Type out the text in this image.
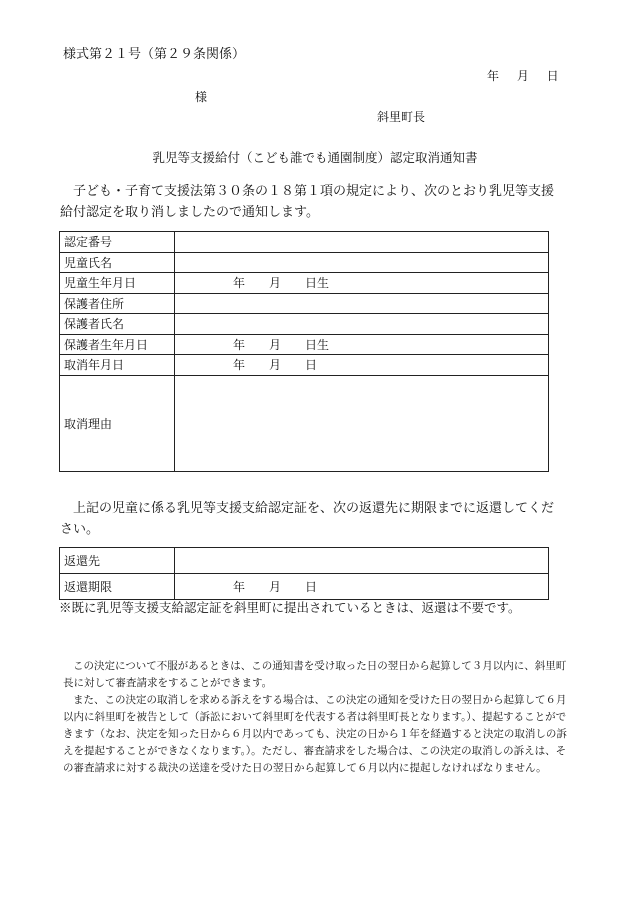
様式第２１号（第２９条関係）
年 月 日
様
斜里町長
乳児等支援給付（こども誰でも通園制度）認定取消通知書
子ども・子育て支援法第３０条の１８第１項の規定により、次のとおり乳児等支援給付認定を取り消しましたので通知します。
認定番号	
児童氏名	
児童生年月日	年 月 日生
保護者住所	
保護者氏名	
保護者生年月日	年 月 日生
取消年月日	年 月 日
取消理由	
上記の児童に係る乳児等支援支給認定証を、次の返還先に期限までに返還してください。
返還先	
返還期限	年 月 日
※既に乳児等支援支給認定証を斜里町に提出されているときは、返還は不要です。

この決定について不服があるときは、この通知書を受け取った日の翌日から起算して３月以内に、斜里町長に対して審査請求をすることができます。

また、この決定の取消しを求める訴えをする場合は、この決定の通知を受けた日の翌日から起算して６月以内に斜里町を被告として（訴訟において斜里町を代表する者は斜里町長となります。）、提起することができます（なお、決定を知った日から６月以内であっても、決定の日から１年を経過すると決定の取消しの訴えを提起することができなくなります。）。ただし、審査請求をした場合は、この決定の取消しの訴えは、その審査請求に対する裁決の送達を受けた日の翌日から起算して６月以内に提起しなければなりません。
